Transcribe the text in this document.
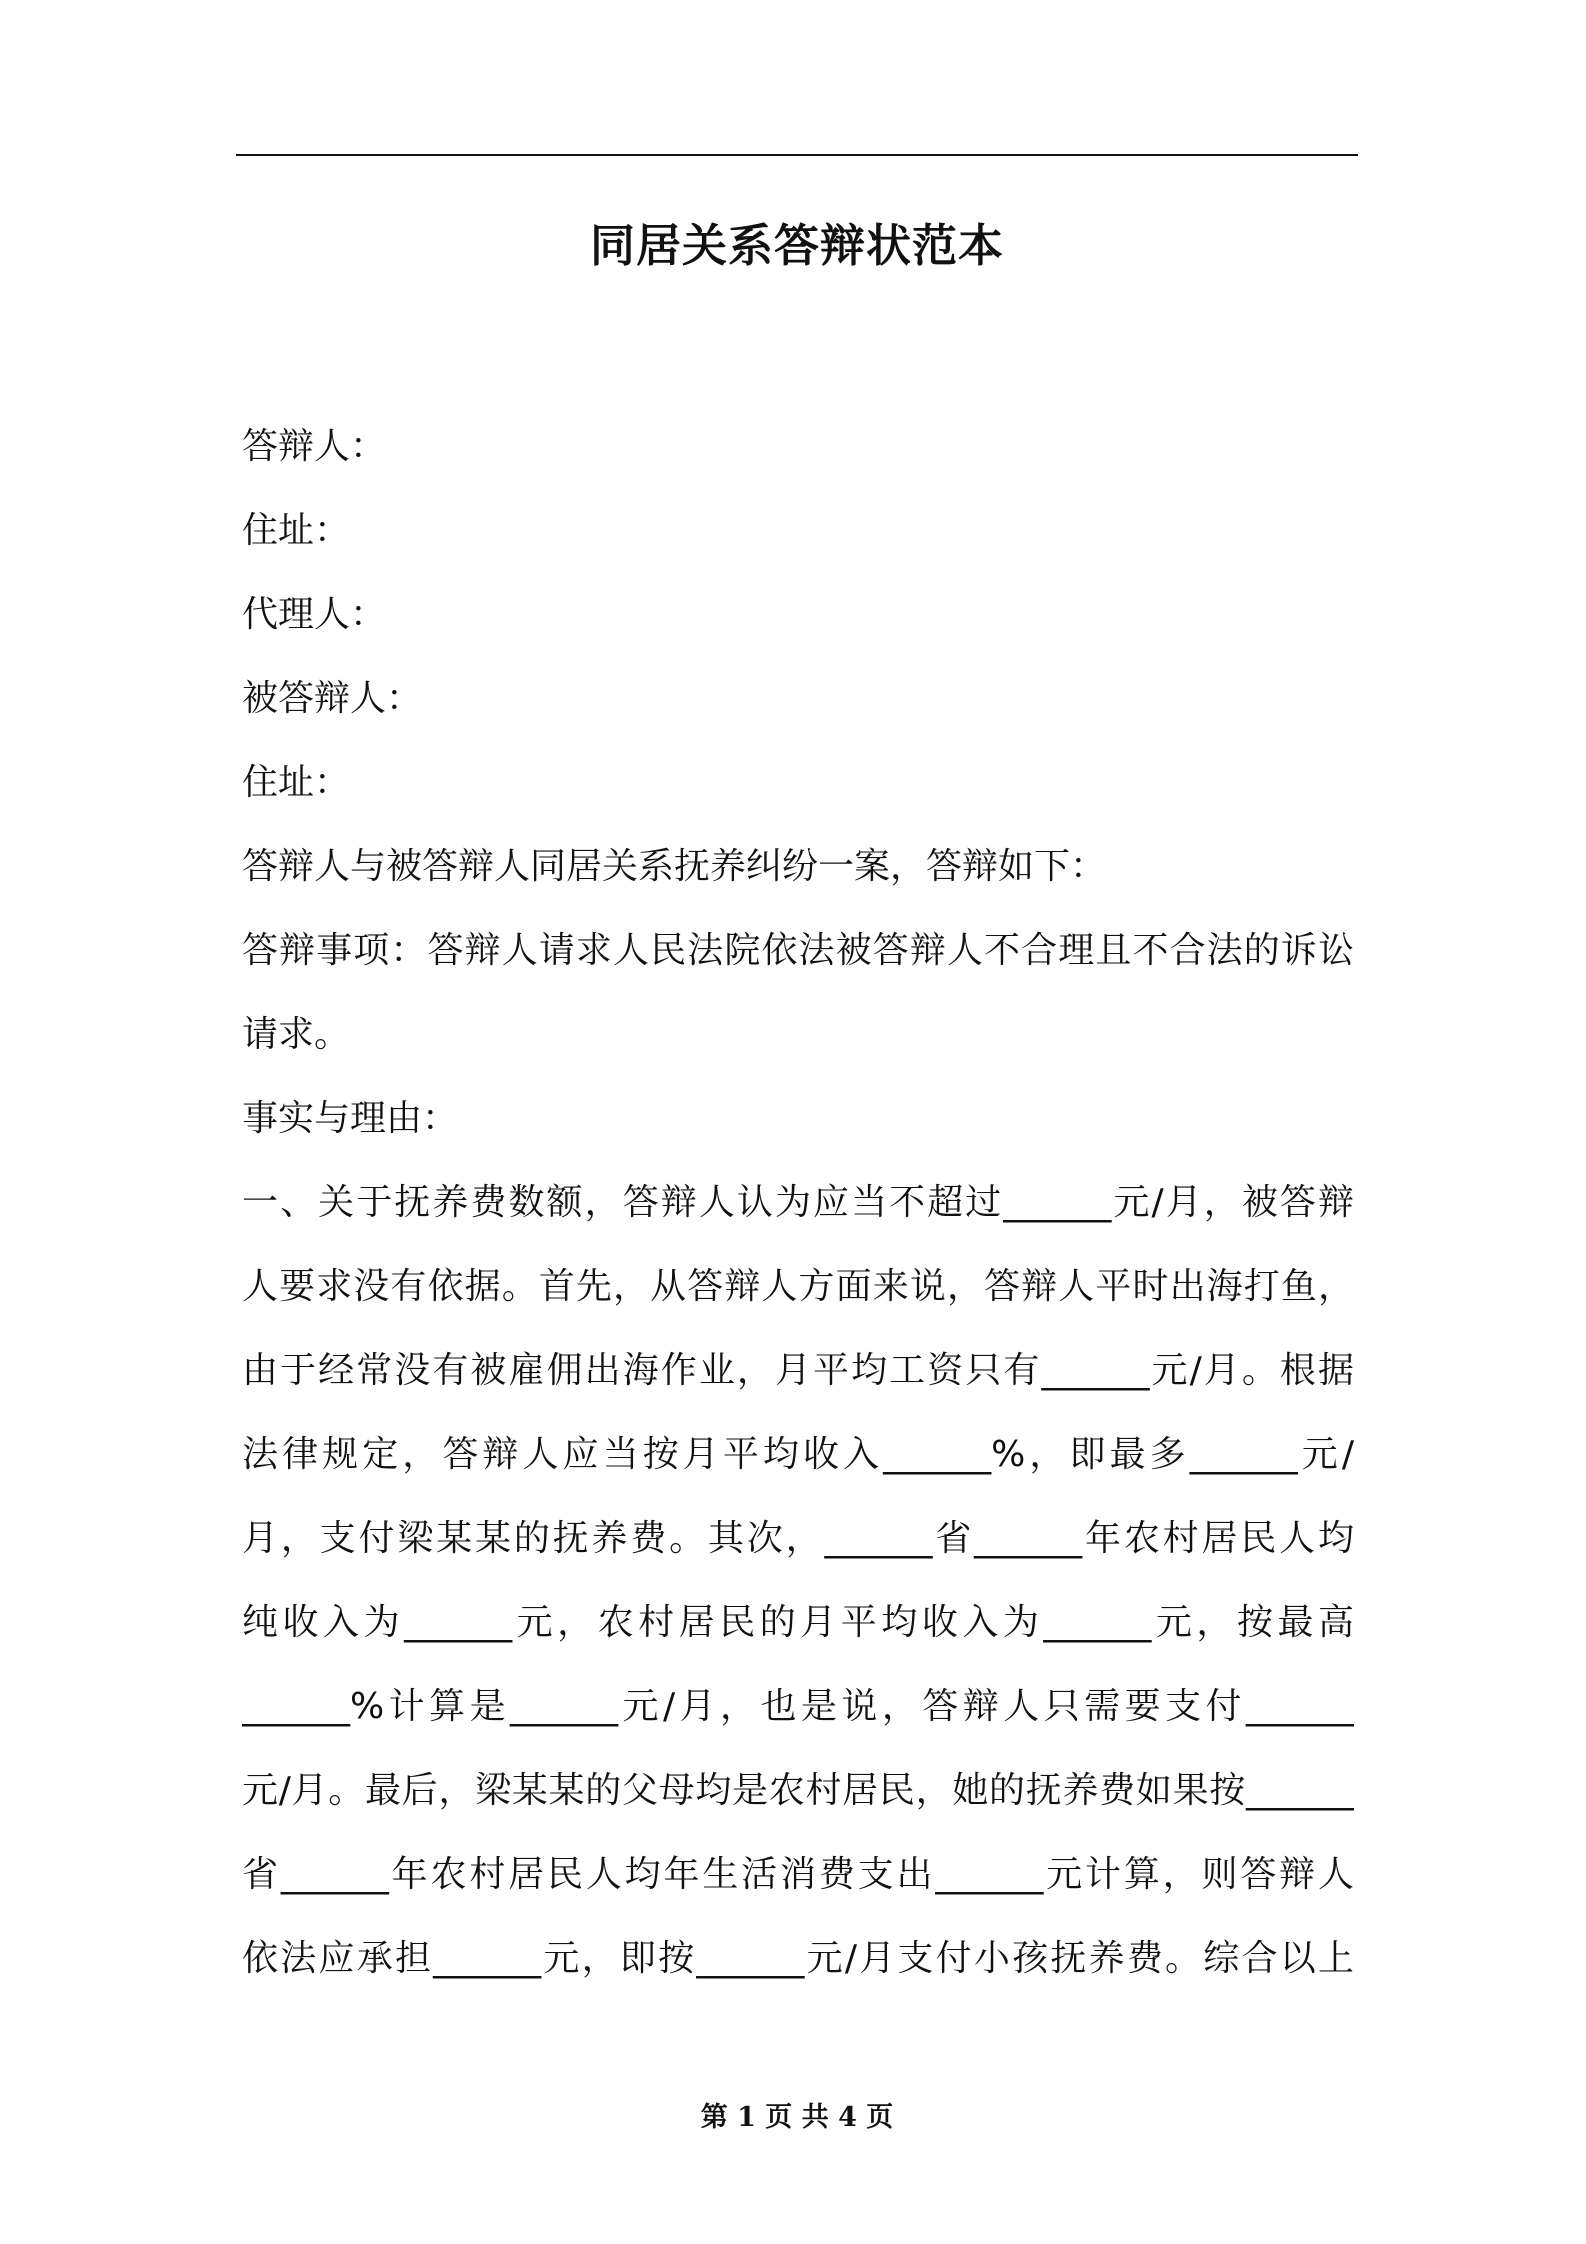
同居关系答辩状范本
答辩人：
住址：
代理人：
被答辩人：
住址：
答辩人与被答辩人同居关系抚养纠纷一案，答辩如下：
答辩事项：答辩人请求人民法院依法被答辩人不合理且不合法的诉讼
请求。
事实与理由：
一、关于抚养费数额，答辩人认为应当不超过______元/月，被答辩
人要求没有依据。首先，从答辩人方面来说，答辩人平时出海打鱼，
由于经常没有被雇佣出海作业，月平均工资只有______元/月。根据
法律规定，答辩人应当按月平均收入______%，即最多______元/
月，支付梁某某的抚养费。其次，______省______年农村居民人均
纯收入为______元，农村居民的月平均收入为______元，按最高
______%计算是______元/月，也是说，答辩人只需要支付______
元/月。最后，梁某某的父母均是农村居民，她的抚养费如果按______
省______年农村居民人均年生活消费支出______元计算，则答辩人
依法应承担______元，即按______元/月支付小孩抚养费。综合以上
第 1 页 共 4 页
